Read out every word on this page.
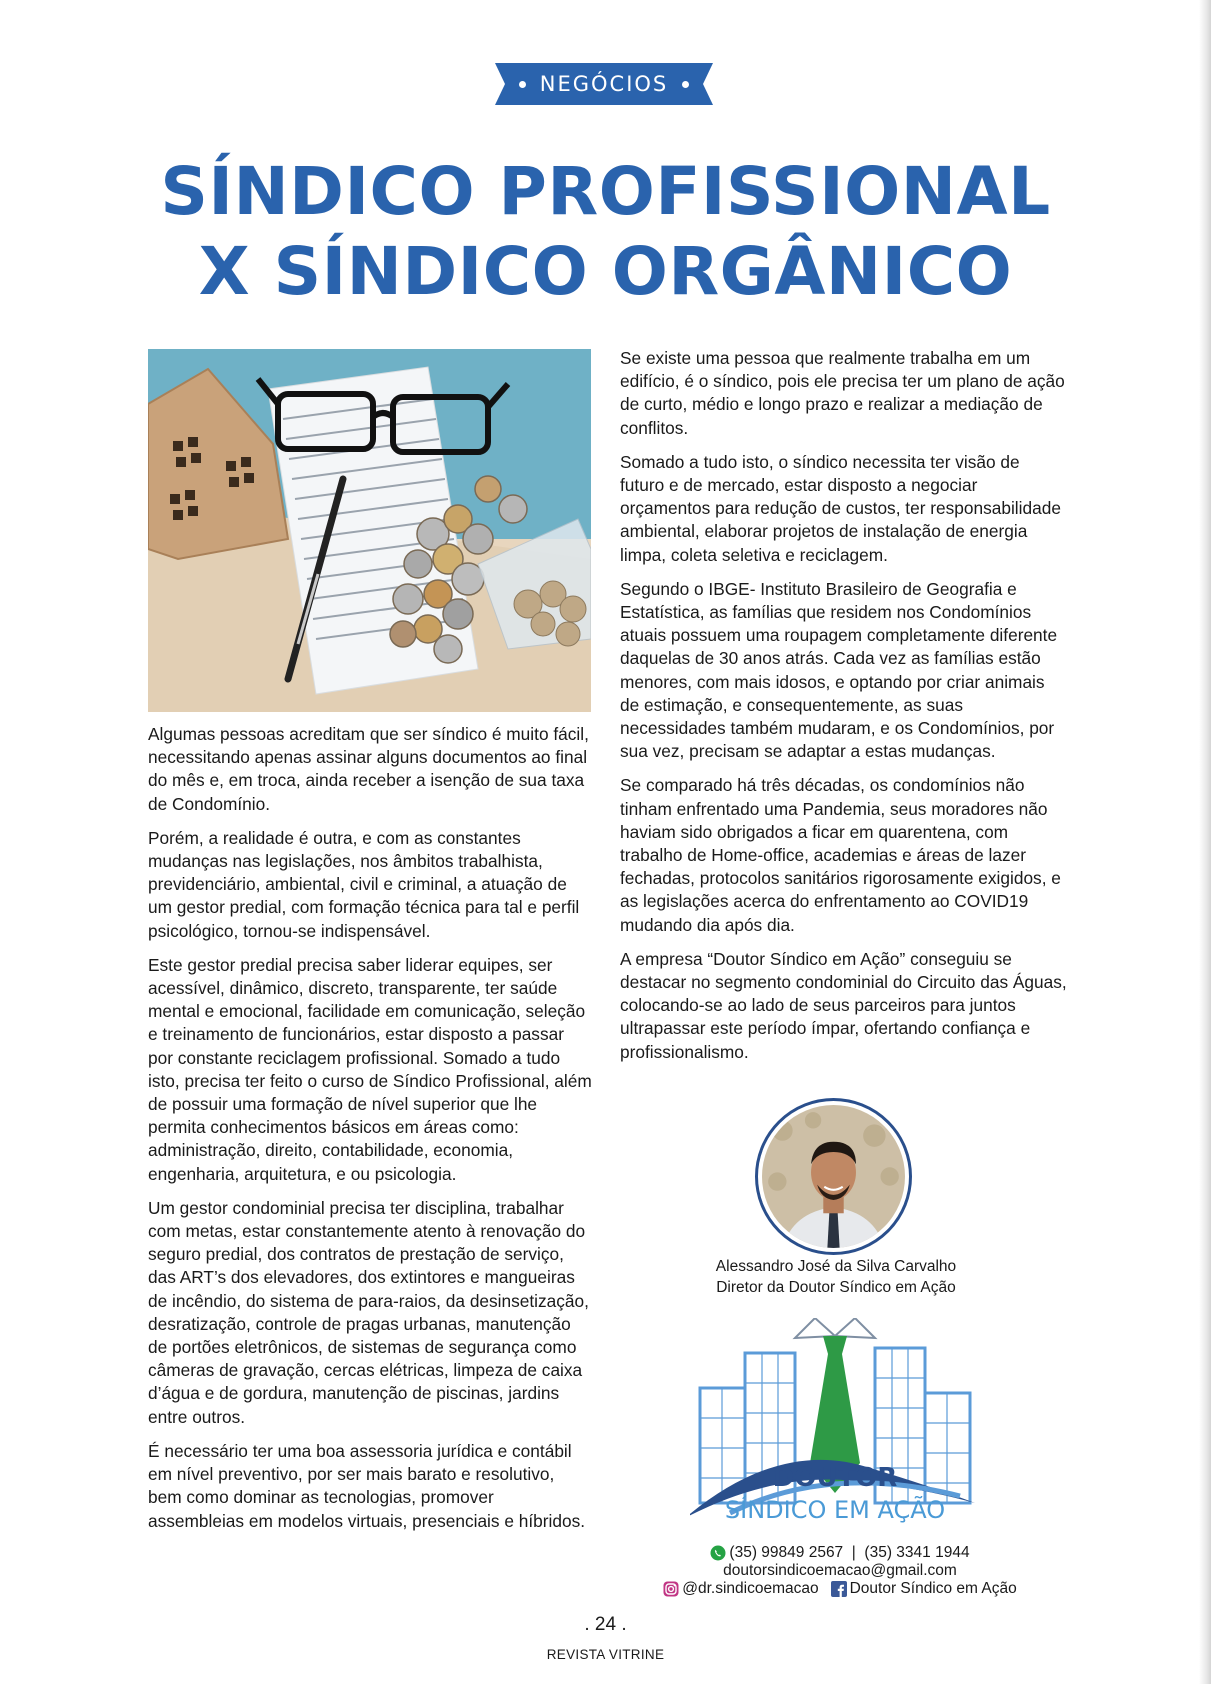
NEGÓCIOS
SÍNDICO PROFISSIONAL
X SÍNDICO ORGÂNICO

Algumas pessoas acreditam que ser síndico é muito fácil, necessitando apenas assinar alguns documentos ao final do mês e, em troca, ainda receber a isenção de sua taxa de Condomínio.

Porém, a realidade é outra, e com as constantes mudanças nas legislações, nos âmbitos trabalhista, previdenciário, ambiental, civil e criminal, a atuação de um gestor predial, com formação técnica para tal e perfil psicológico, tornou-se indispensável.

Este gestor predial precisa saber liderar equipes, ser acessível, dinâmico, discreto, transparente, ter saúde mental e emocional, facilidade em comunicação, seleção e treinamento de funcionários, estar disposto a passar por constante reciclagem profissional. Somado a tudo isto, precisa ter feito o curso de Síndico Profissional, além de possuir uma formação de nível superior que lhe permita conhecimentos básicos em áreas como: administração, direito, contabilidade, economia, engenharia, arquitetura, e ou psicologia.

Um gestor condominial precisa ter disciplina, trabalhar com metas, estar constantemente atento à renovação do seguro predial, dos contratos de prestação de serviço, das ART’s dos elevadores, dos extintores e mangueiras de incêndio, do sistema de para-raios, da desinsetização, desratização, controle de pragas urbanas, manutenção de portões eletrônicos, de sistemas de segurança como câmeras de gravação, cercas elétricas, limpeza de caixa d’água e de gordura, manutenção de piscinas, jardins entre outros.

É necessário ter uma boa assessoria jurídica e contábil em nível preventivo, por ser mais barato e resolutivo, bem como dominar as tecnologias, promover assembleias em modelos virtuais, presenciais e híbridos.

Se existe uma pessoa que realmente trabalha em um edifício, é o síndico, pois ele precisa ter um plano de ação de curto, médio e longo prazo e realizar a mediação de conflitos.

Somado a tudo isto, o síndico necessita ter visão de futuro e de mercado, estar disposto a negociar orçamentos para redução de custos, ter responsabilidade ambiental, elaborar projetos de instalação de energia limpa, coleta seletiva e reciclagem.

Segundo o IBGE- Instituto Brasileiro de Geografia e Estatística, as famílias que residem nos Condomínios atuais possuem uma roupagem completamente diferente daquelas de 30 anos atrás. Cada vez as famílias estão menores, com mais idosos, e optando por criar animais de estimação, e consequentemente, as suas necessidades também mudaram, e os Condomínios, por sua vez, precisam se adaptar a estas mudanças.

Se comparado há três décadas, os condomínios não tinham enfrentado uma Pandemia, seus moradores não haviam sido obrigados a ficar em quarentena, com trabalho de Home-office, academias e áreas de lazer fechadas, protocolos sanitários rigorosamente exigidos, e as legislações acerca do enfrentamento ao COVID19 mudando dia após dia.

A empresa “Doutor Síndico em Ação” conseguiu se destacar no segmento condominial do Circuito das Águas, colocando-se ao lado de seus parceiros para juntos ultrapassar este período ímpar, ofertando confiança e profissionalismo.

Alessandro José da Silva Carvalho
Diretor da Doutor Síndico em Ação
DOUTOR
SÍNDICO EM AÇÃO
(35) 99849 2567  |  (35) 3341 1944
doutorsindicoemacao@gmail.com
@dr.sindicoemacao Doutor Síndico em Ação
. 24 .
REVISTA VITRINE
